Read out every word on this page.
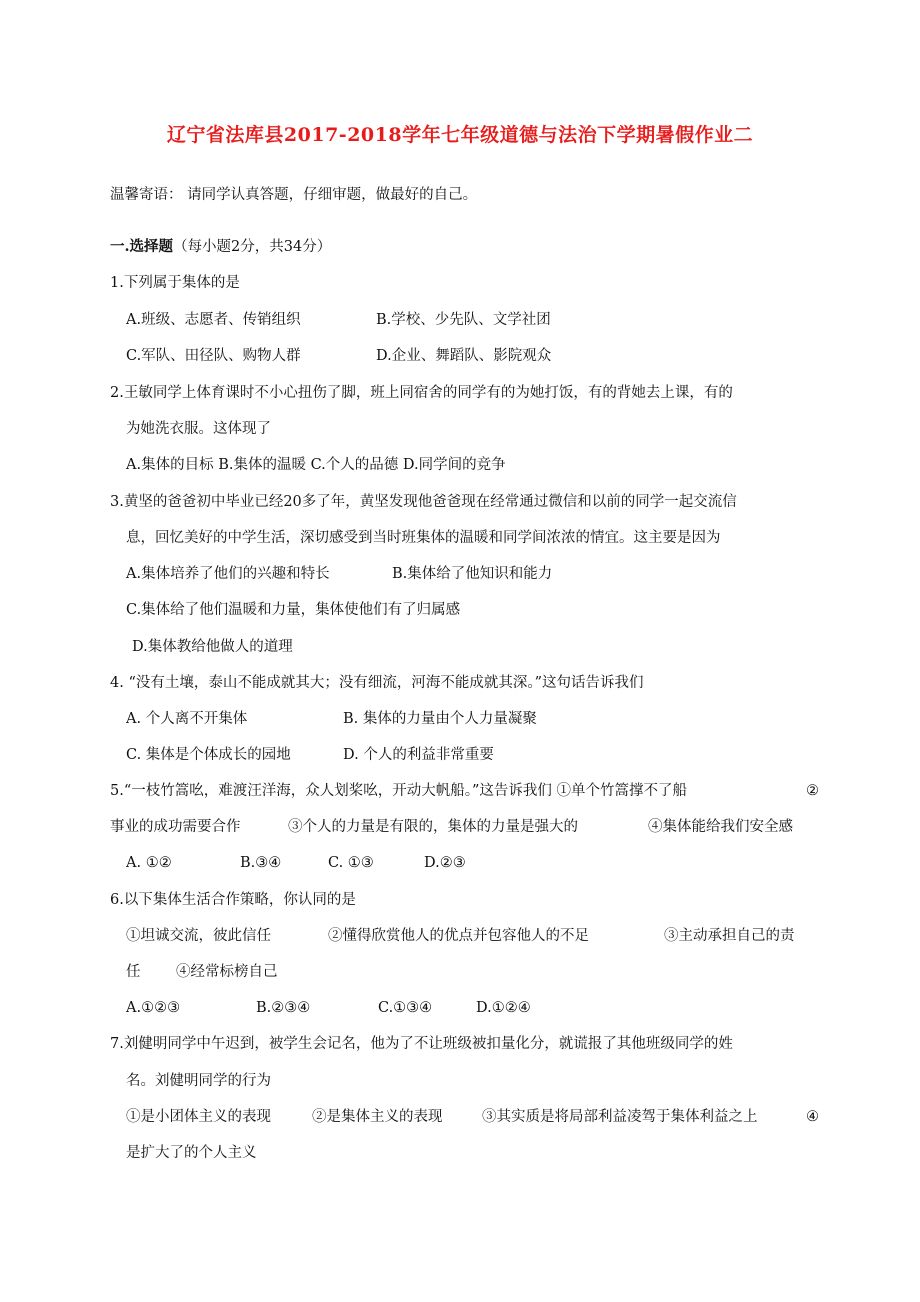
辽宁省法库县2017-2018学年七年级道德与法治下学期暑假作业二
温馨寄语： 请同学认真答题，仔细审题，做最好的自己。
一.选择题（每小题2分，共34分）
1.下列属于集体的是
A.班级、志愿者、传销组织	B.学校、少先队、文学社团
C.军队、田径队、购物人群	D.企业、舞蹈队、影院观众
2.王敏同学上体育课时不小心扭伤了脚，班上同宿舍的同学有的为她打饭，有的背她去上课，有的
为她洗衣服。这体现了
A.集体的目标 B.集体的温暖 C.个人的品德 D.同学间的竞争
3.黄坚的爸爸初中毕业已经20多了年，黄坚发现他爸爸现在经常通过微信和以前的同学一起交流信
息，回忆美好的中学生活，深切感受到当时班集体的温暖和同学间浓浓的情宜。这主要是因为
A.集体培养了他们的兴趣和特长	B.集体给了他知识和能力
C.集体给了他们温暖和力量，集体使他们有了归属感
D.集体教给他做人的道理
4. “没有土壤，泰山不能成就其大；没有细流，河海不能成就其深。”这句话告诉我们
A. 个人离不开集体	B. 集体的力量由个人力量凝聚
C. 集体是个体成长的园地	D. 个人的利益非常重要
5.“一枝竹篙吆，难渡汪洋海，众人划桨吆，开动大帆船。”这告诉我们 ①单个竹篙撑不了船	②
事业的成功需要合作	③个人的力量是有限的，集体的力量是强大的	④集体能给我们安全感
A. ①②	B.③④	C. ①③	D.②③
6.以下集体生活合作策略，你认同的是
①坦诚交流，彼此信任	②懂得欣赏他人的优点并包容他人的不足	③主动承担自己的责
任 ④经常标榜自己
A.①②③	B.②③④	C.①③④	D.①②④
7.刘健明同学中午迟到，被学生会记名，他为了不让班级被扣量化分，就谎报了其他班级同学的姓
名。刘健明同学的行为
①是小团体主义的表现	②是集体主义的表现	③其实质是将局部利益凌驾于集体利益之上	④
是扩大了的个人主义
